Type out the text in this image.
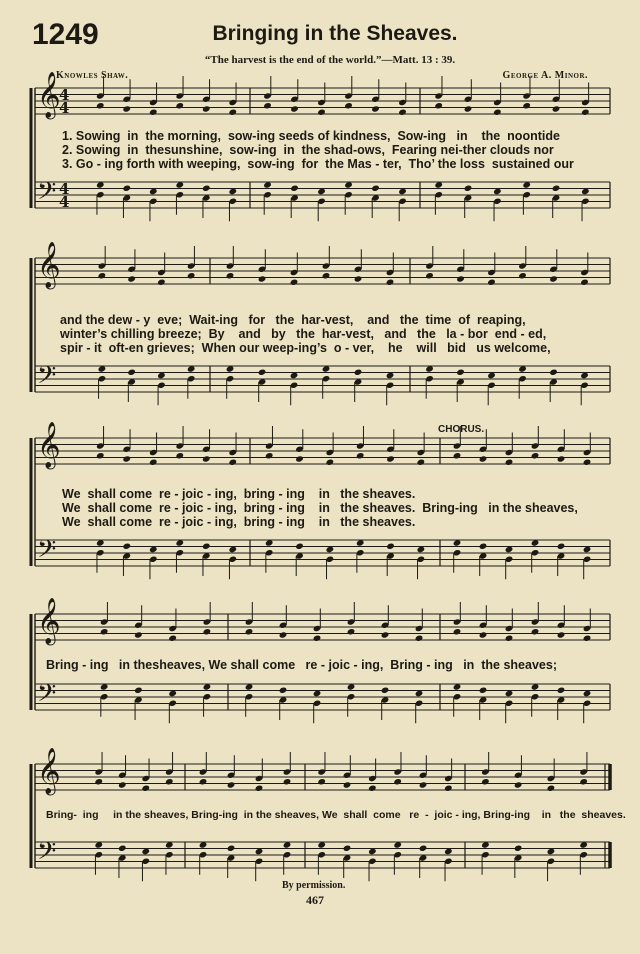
1249	Bringing in the Sheaves.
“The harvest is the end of the world.”—Matt. 13 : 39.
Knowles Shaw.	George A. Minor.
𝄞
𝄢
4
4
4
4
𝄞
𝄢
𝄞
𝄢
𝄞
𝄢
𝄞
𝄢
1. Sowing  in  the morning,  sow-ing seeds of kindness,  Sow-ing   in    the  noontide
2. Sowing  in  thesunshine,  sow-ing  in  the shad-ows,  Fearing nei-ther clouds nor
3. Go - ing forth with weeping,  sow-ing  for  the Mas - ter,  Tho’ the loss  sustained our
and the dew - y  eve;  Wait-ing   for   the  har-vest,    and   the  time  of  reaping,
winter’s chilling breeze;  By    and   by   the  har-vest,   and   the   la - bor  end - ed,
spir - it  oft-en grieves;  When our weep-ing’s  o - ver,    he    will   bid   us welcome,
CHORUS.
We  shall come  re - joic - ing,  bring - ing    in   the sheaves.
We  shall come  re - joic - ing,  bring - ing    in   the sheaves.  Bring-ing   in the sheaves,
We  shall come  re - joic - ing,  bring - ing    in   the sheaves.
Bring - ing   in thesheaves, We shall come   re - joic - ing,  Bring - ing   in  the sheaves;
Bring-  ing     in the sheaves, Bring-ing  in the sheaves, We  shall  come   re  -  joic - ing, Bring-ing    in   the  sheaves.
By permission.
467
